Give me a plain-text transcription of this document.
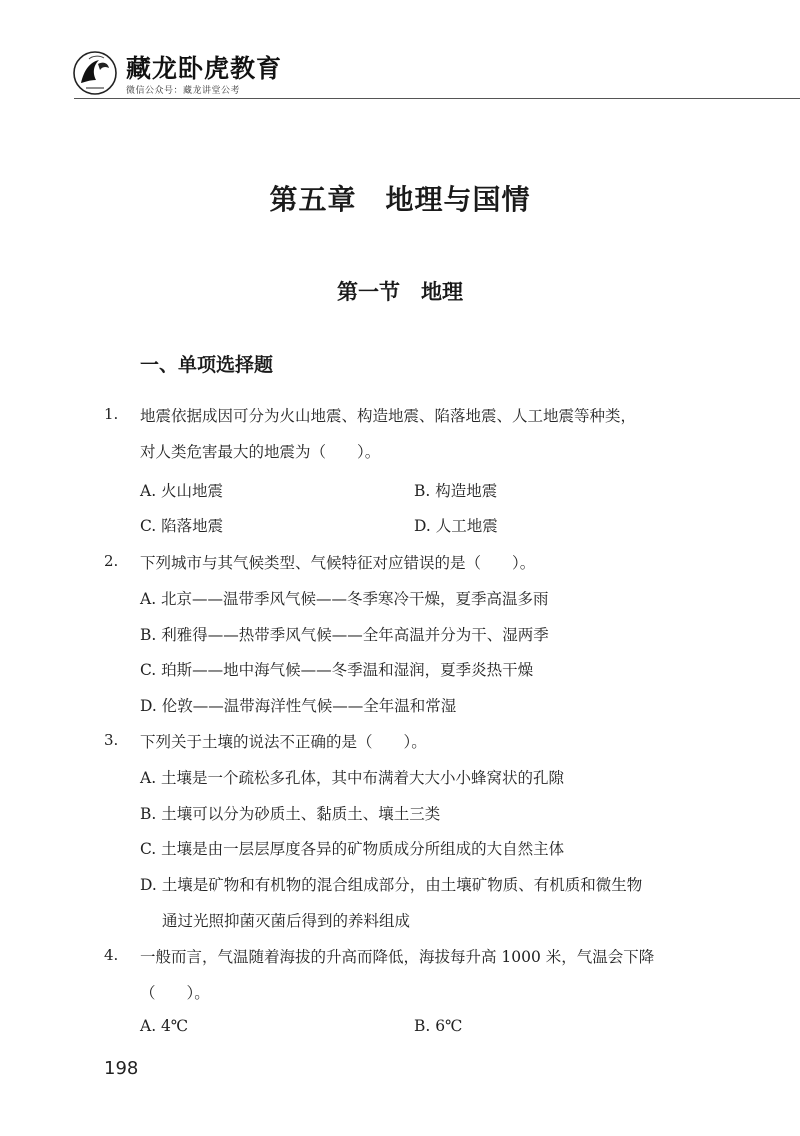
藏龙卧虎教育
微信公众号：藏龙讲堂公考
第五章　地理与国情
第一节　地理
一、单项选择题
1. 地震依据成因可分为火山地震、构造地震、陷落地震、人工地震等种类，
对人类危害最大的地震为（　　）。
A. 火山地震	B. 构造地震
C. 陷落地震	D. 人工地震
2. 下列城市与其气候类型、气候特征对应错误的是（　　）。
A. 北京——温带季风气候——冬季寒冷干燥，夏季高温多雨
B. 利雅得——热带季风气候——全年高温并分为干、湿两季
C. 珀斯——地中海气候——冬季温和湿润，夏季炎热干燥
D. 伦敦——温带海洋性气候——全年温和常湿
3. 下列关于土壤的说法不正确的是（　　）。
A. 土壤是一个疏松多孔体，其中布满着大大小小蜂窝状的孔隙
B. 土壤可以分为砂质土、黏质土、壤土三类
C. 土壤是由一层层厚度各异的矿物质成分所组成的大自然主体
D. 土壤是矿物和有机物的混合组成部分，由土壤矿物质、有机质和微生物
通过光照抑菌灭菌后得到的养料组成
4. 一般而言，气温随着海拔的升高而降低，海拔每升高 1000 米，气温会下降
（　　）。
A. 4℃	B. 6℃
198
